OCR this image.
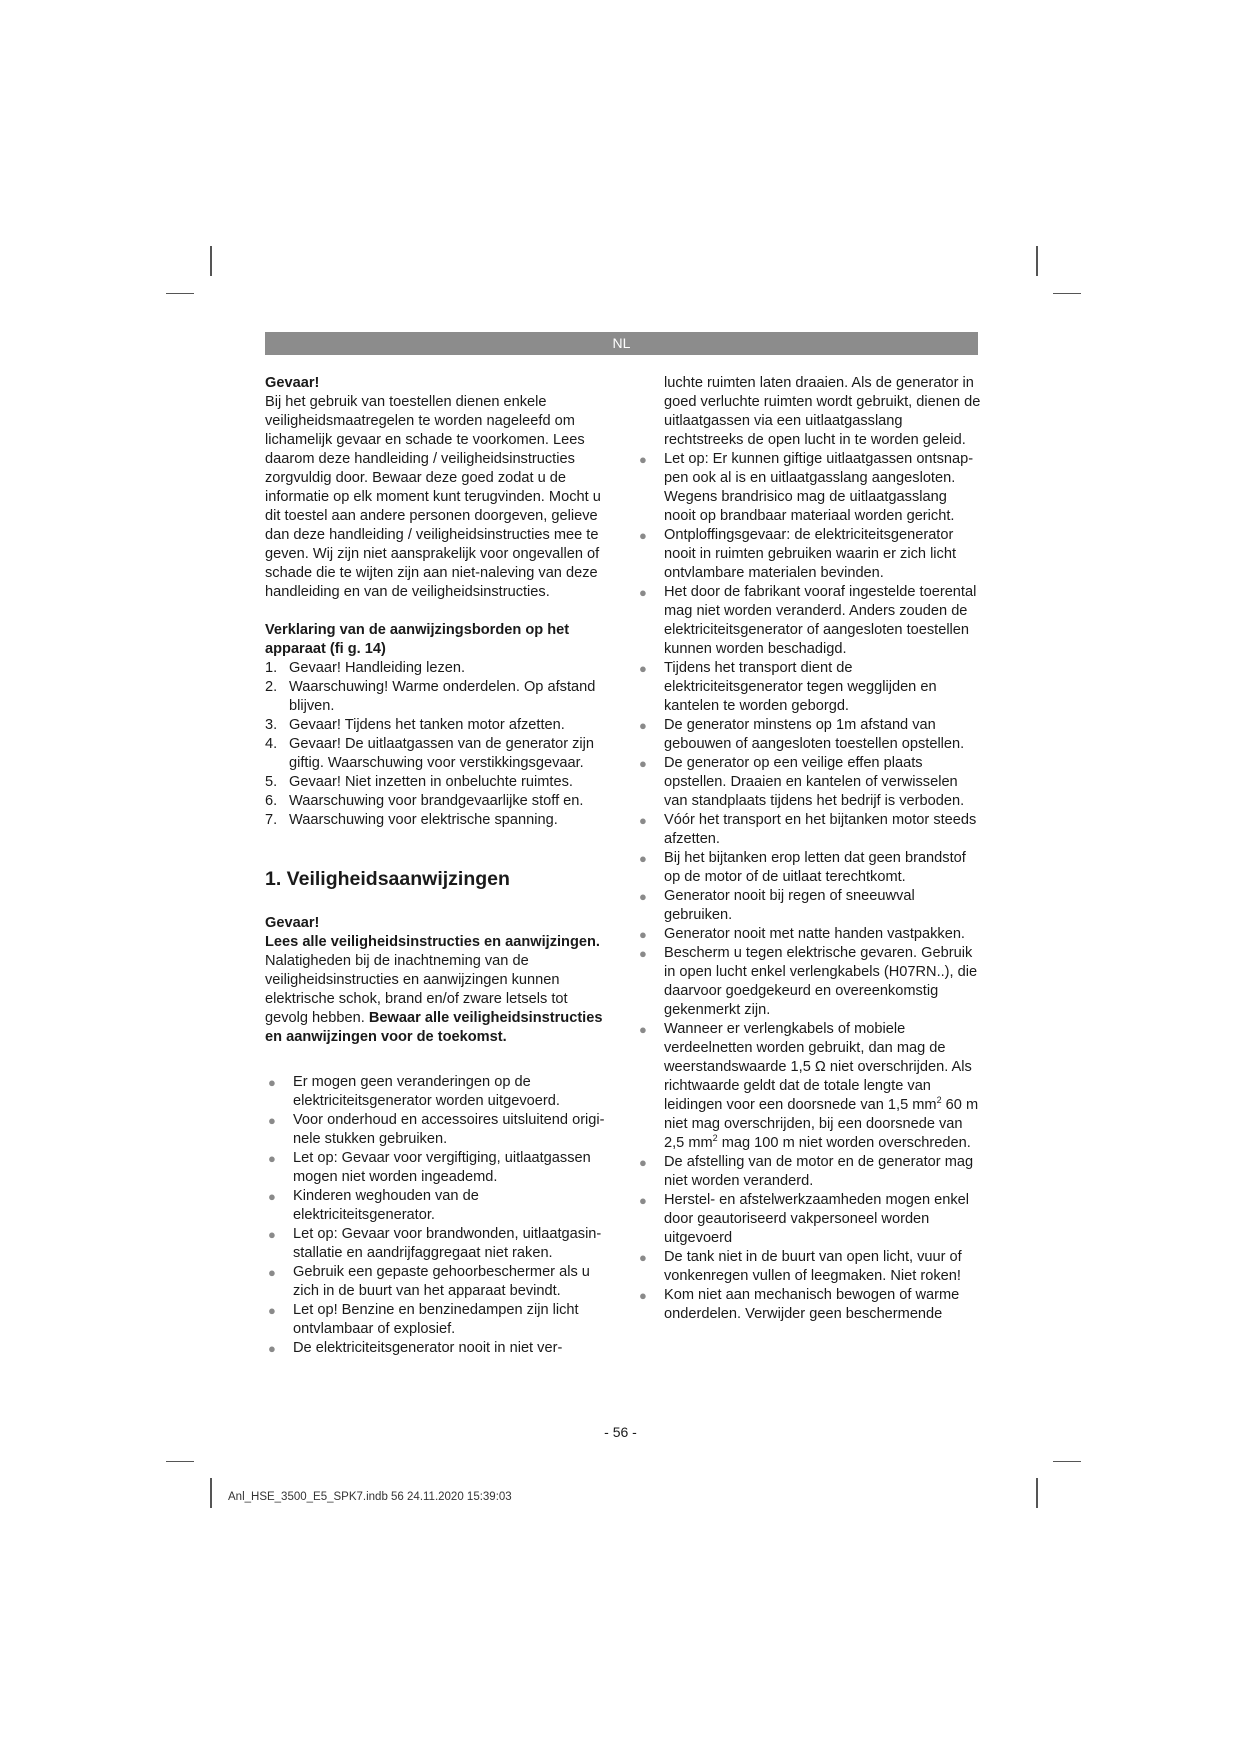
NL

Gevaar!

Bij het gebruik van toestellen dienen enkele veiligheidsmaatregelen te worden nageleefd om lichamelijk gevaar en schade te voorkomen. Lees daarom deze handleiding / veiligheidsinstructies zorgvuldig door. Bewaar deze goed zodat u de informatie op elk moment kunt terugvinden. Mocht u dit toestel aan andere personen doorgeven, gelieve dan deze handleiding / veiligheidsinstructies mee te geven. Wij zijn niet aansprakelijk voor ongevallen of schade die te wijten zijn aan niet-naleving van deze handleiding en van de veiligheidsinstructies.

Verklaring van de aanwijzingsborden op het apparaat (fi g. 14)

1. Gevaar! Handleiding lezen.
2. Waarschuwing! Warme onderdelen. Op afstand blijven.
3. Gevaar! Tijdens het tanken motor afzetten.
4. Gevaar! De uitlaatgassen van de generator zijn giftig. Waarschuwing voor verstikkingsgevaar.
5. Gevaar! Niet inzetten in onbeluchte ruimtes.
6. Waarschuwing voor brandgevaarlijke stoff en.
7. Waarschuwing voor elektrische spanning.
1. Veiligheidsaanwijzingen

Gevaar!

Lees alle veiligheidsinstructies en aanwijzingen. Nalatigheden bij de inachtneming van de veiligheidsinstructies en aanwijzingen kunnen elektrische schok, brand en/of zware letsels tot gevolg hebben. Bewaar alle veiligheidsinstructies en aanwijzingen voor de toekomst.

● Er mogen geen veranderingen op de elektriciteitsgenerator worden uitgevoerd.
● Voor onderhoud en accessoires uitsluitend origi-nele stukken gebruiken.
● Let op: Gevaar voor vergiftiging, uitlaatgassen mogen niet worden ingeademd.
● Kinderen weghouden van de elektriciteitsgenerator.
● Let op: Gevaar voor brandwonden, uitlaatgasin-stallatie en aandrijfaggregaat niet raken.
● Gebruik een gepaste gehoorbeschermer als u zich in de buurt van het apparaat bevindt.
● Let op! Benzine en benzinedampen zijn licht ontvlambaar of explosief.
● De elektriciteitsgenerator nooit in niet ver-

luchte ruimten laten draaien. Als de generator in goed verluchte ruimten wordt gebruikt, dienen de uitlaatgassen via een uitlaatgasslang rechtstreeks de open lucht in te worden geleid.

● Let op: Er kunnen giftige uitlaatgassen ontsnap-pen ook al is en uitlaatgasslang aangesloten. Wegens brandrisico mag de uitlaatgasslang nooit op brandbaar materiaal worden gericht.
● Ontploffingsgevaar: de elektriciteitsgenerator nooit in ruimten gebruiken waarin er zich licht ontvlambare materialen bevinden.
● Het door de fabrikant vooraf ingestelde toerental mag niet worden veranderd. Anders zouden de elektriciteitsgenerator of aangesloten toestellen kunnen worden beschadigd.
● Tijdens het transport dient de elektriciteitsgenerator tegen wegglijden en kantelen te worden geborgd.
● De generator minstens op 1m afstand van gebouwen of aangesloten toestellen opstellen.
● De generator op een veilige effen plaats opstellen. Draaien en kantelen of verwisselen van standplaats tijdens het bedrijf is verboden.
● Vóór het transport en het bijtanken motor steeds afzetten.
● Bij het bijtanken erop letten dat geen brandstof op de motor of de uitlaat terechtkomt.
● Generator nooit bij regen of sneeuwval gebruiken.
● Generator nooit met natte handen vastpakken.
● Bescherm u tegen elektrische gevaren. Gebruik in open lucht enkel verlengkabels (H07RN..), die daarvoor goedgekeurd en overeenkomstig gekenmerkt zijn.
● Wanneer er verlengkabels of mobiele verdeelnetten worden gebruikt, dan mag de weerstandswaarde 1,5 Ω niet overschrijden. Als richtwaarde geldt dat de totale lengte van leidingen voor een doorsnede van 1,5 $mm^2$ 60 m niet mag overschrijden, bij een doorsnede van 2,5 $mm^2$ mag 100 m niet worden overschreden.
● De afstelling van de motor en de generator mag niet worden veranderd.
● Herstel- en afstelwerkzaamheden mogen enkel door geautoriseerd vakpersoneel worden uitgevoerd
● De tank niet in de buurt van open licht, vuur of vonkenregen vullen of leegmaken. Niet roken!
● Kom niet aan mechanisch bewogen of warme onderdelen. Verwijder geen beschermende
- 56 -
Anl_HSE_3500_E5_SPK7.indb 56 24.11.2020 15:39:03
